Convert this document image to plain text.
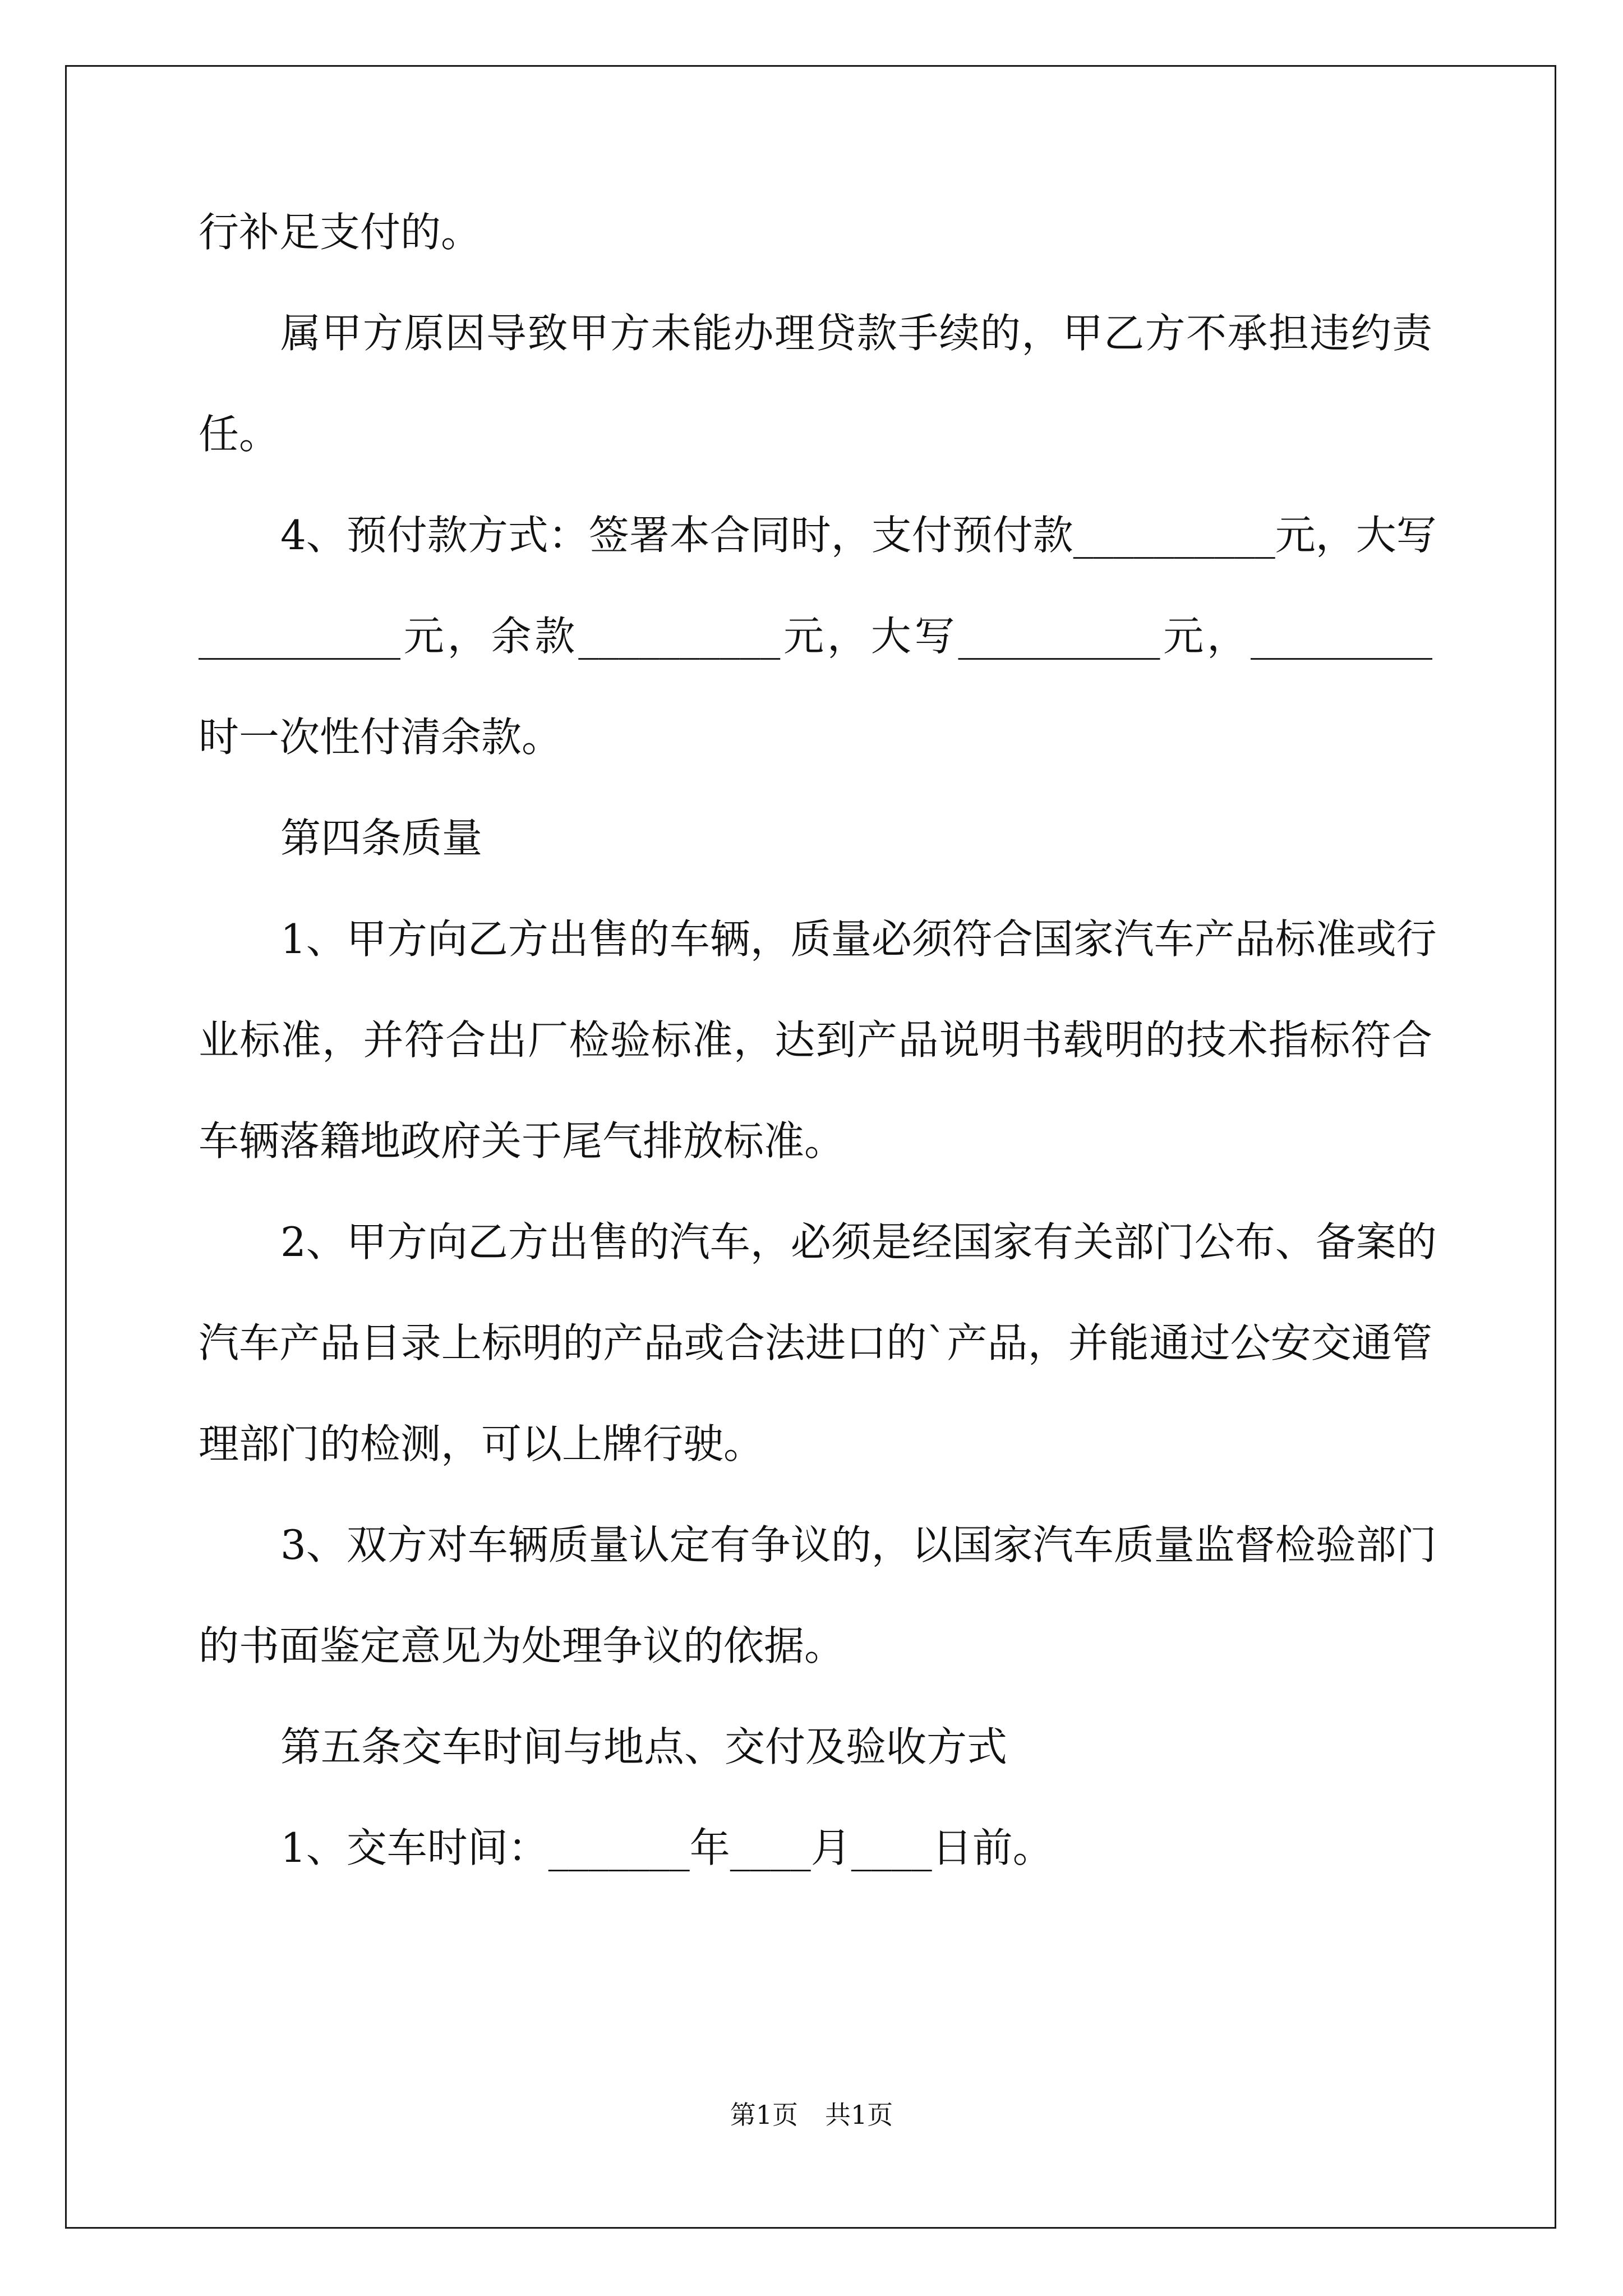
行补足支付的。
属甲方原因导致甲方未能办理贷款手续的，甲乙方不承担违约责
任。
4、预付款方式：签署本合同时，支付预付款__________元，大写
__________元，余款__________元，大写__________元，_________
时一次性付清余款。
第四条质量
1、甲方向乙方出售的车辆，质量必须符合国家汽车产品标准或行
业标准，并符合出厂检验标准，达到产品说明书载明的技术指标符合
车辆落籍地政府关于尾气排放标准。
2、甲方向乙方出售的汽车，必须是经国家有关部门公布、备案的
汽车产品目录上标明的产品或合法进口的`产品，并能通过公安交通管
理部门的检测，可以上牌行驶。
3、双方对车辆质量认定有争议的，以国家汽车质量监督检验部门
的书面鉴定意见为处理争议的依据。
第五条交车时间与地点、交付及验收方式
1、交车时间：_______年____月____日前。
第1页 共1页
